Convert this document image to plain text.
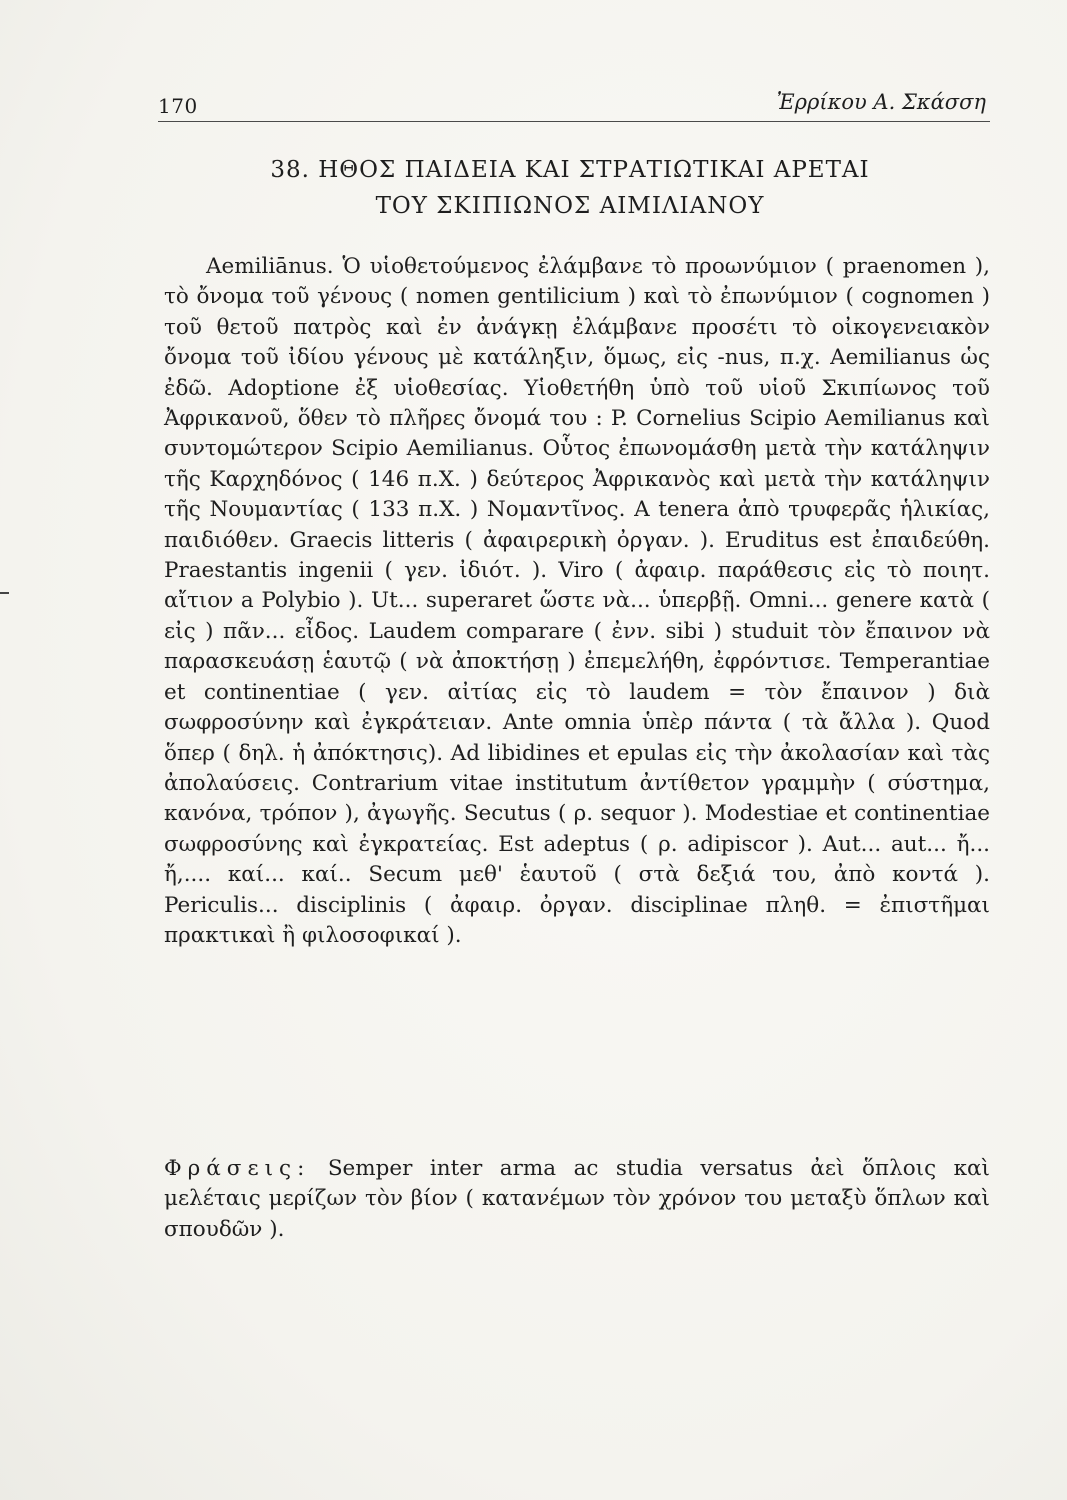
170	Ἐρρίκου Α. Σκάσση
38. ΗΘΟΣ ΠΑΙΔΕΙΑ ΚΑΙ ΣΤΡΑΤΙΩΤΙΚΑΙ ΑΡΕΤΑΙ
ΤΟΥ ΣΚΙΠΙΩΝΟΣ ΑΙΜΙΛΙΑΝΟΥ

Aemiliānus. Ὁ υἱοθετούμενος ἐλάμβανε τὸ προωνύμιον ( praenomen ), τὸ ὄνομα τοῦ γένους ( nomen gentilicium ) καὶ τὸ ἐπωνύμιον ( cognomen ) τοῦ θετοῦ πατρὸς καὶ ἐν ἀνάγκῃ ἐλάμβανε προσέτι τὸ οἰκογενειακὸν ὄνομα τοῦ ἰδίου γένους μὲ κατάληξιν, ὅμως, εἰς -nus, π.χ. Aemilianus ὡς ἐδῶ. Adoptione ἐξ υἱοθεσίας. Υἱοθετήθη ὑπὸ τοῦ υἱοῦ Σκιπίωνος τοῦ Ἀφρικανοῦ, ὅθεν τὸ πλῆρες ὄνομά του : P. Cornelius Scipio Aemilianus καὶ συντομώτερον Scipio Aemilianus. Οὗτος ἐπωνομάσθη μετὰ τὴν κατάληψιν τῆς Καρχηδόνος ( 146 π.Χ. ) δεύτερος Ἀφρικανὸς καὶ μετὰ τὴν κατάληψιν τῆς Νουμαντίας ( 133 π.Χ. ) Νομαντῖνος. A tenera ἀπὸ τρυφερᾶς ἡλικίας, παιδιόθεν. Graecis litteris ( ἀφαιρερικὴ ὀργαν. ). Eruditus est ἐπαιδεύθη. Praestantis ingenii ( γεν. ἰδιότ. ). Viro ( ἀφαιρ. παράθεσις εἰς τὸ ποιητ. αἴτιον a Polybio ). Ut... superaret ὥστε νὰ... ὑπερβῇ. Omni... genere κατὰ ( εἰς ) πᾶν... εἶδος. Laudem comparare ( ἐνν. sibi ) studuit τὸν ἔπαινον νὰ παρασκευάσῃ ἑαυτῷ ( νὰ ἀποκτήσῃ ) ἐπεμελήθη, ἐφρόντισε. Temperantiae et continentiae ( γεν. αἰτίας εἰς τὸ laudem = τὸν ἔπαινον ) διὰ σωφροσύνην καὶ ἐγκράτειαν. Ante omnia ὑπὲρ πάντα ( τὰ ἄλλα ). Quod ὅπερ ( δηλ. ἡ ἀπόκτησις). Ad libidines et epulas εἰς τὴν ἀκολασίαν καὶ τὰς ἀπολαύσεις. Contrarium vitae institutum ἀντίθετον γραμμὴν ( σύστημα, κανόνα, τρόπον ), ἀγωγῆς. Secutus ( ρ. sequor ). Modestiae et continentiae σωφροσύνης καὶ ἐγκρατείας. Est adeptus ( ρ. adipiscor ). Aut... aut... ἤ... ἤ,.... καί... καί.. Secum μεθ' ἑαυτοῦ ( στὰ δεξιά του, ἀπὸ κοντά ). Periculis... disciplinis ( ἀφαιρ. ὀργαν. disciplinae πληθ. = ἐπιστῆμαι πρακτικαὶ ἢ φιλοσοφικαί ).

Φράσεις: Semper inter arma ac studia versatus ἀεὶ ὅπλοις καὶ μελέταις μερίζων τὸν βίον ( κατανέμων τὸν χρόνον του μεταξὺ ὅπλων καὶ σπουδῶν ).
